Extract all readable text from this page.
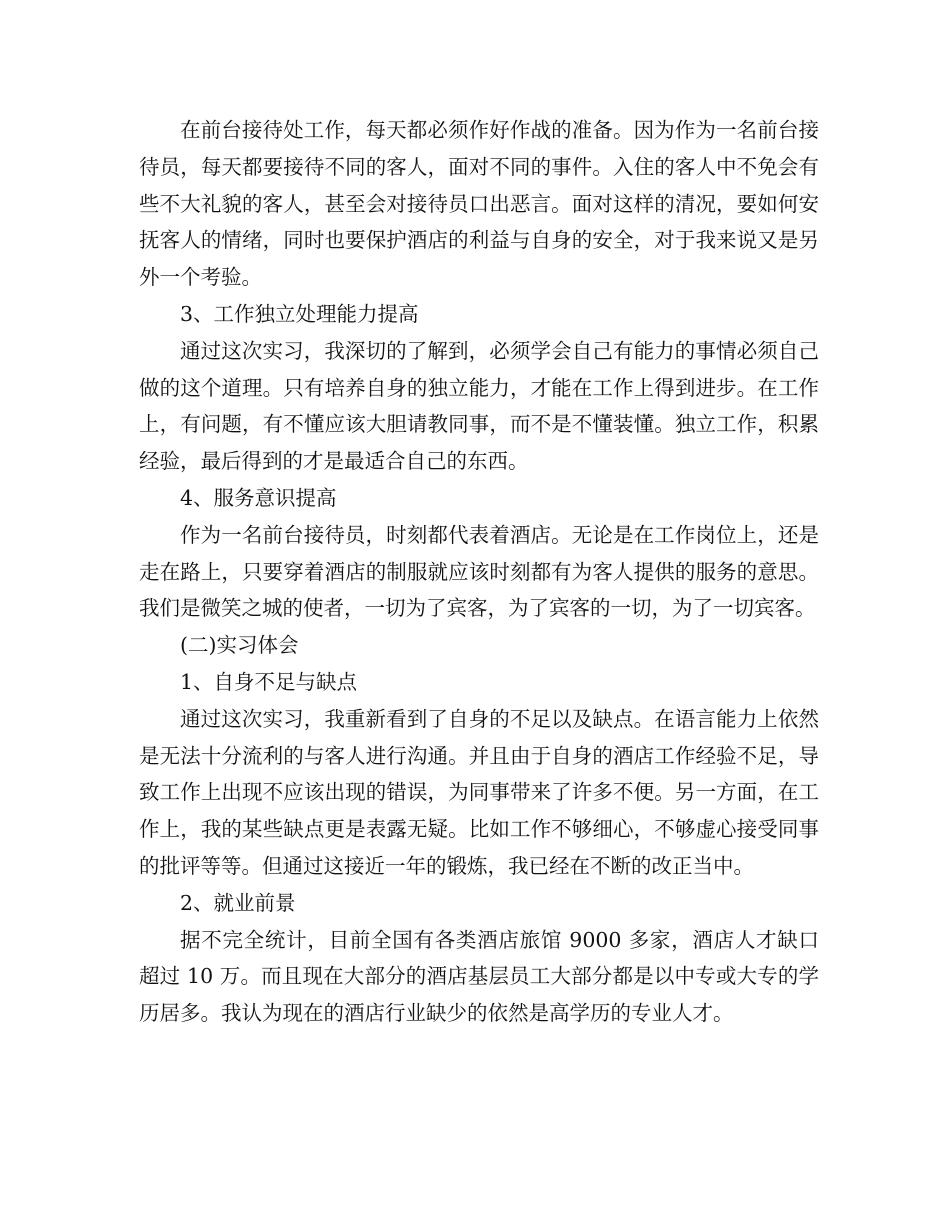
在前台接待处工作，每天都必须作好作战的准备。因为作为一名前台接待员，每天都要接待不同的客人，面对不同的事件。入住的客人中不免会有些不大礼貌的客人，甚至会对接待员口出恶言。面对这样的清况，要如何安抚客人的情绪，同时也要保护酒店的利益与自身的安全，对于我来说又是另外一个考验。

3、工作独立处理能力提高

通过这次实习，我深切的了解到，必须学会自己有能力的事情必须自己做的这个道理。只有培养自身的独立能力，才能在工作上得到进步。在工作上，有问题，有不懂应该大胆请教同事，而不是不懂装懂。独立工作，积累经验，最后得到的才是最适合自己的东西。

4、服务意识提高

作为一名前台接待员，时刻都代表着酒店。无论是在工作岗位上，还是走在路上，只要穿着酒店的制服就应该时刻都有为客人提供的服务的意思。我们是微笑之城的使者，一切为了宾客，为了宾客的一切，为了一切宾客。

(二)实习体会

1、自身不足与缺点

通过这次实习，我重新看到了自身的不足以及缺点。在语言能力上依然是无法十分流利的与客人进行沟通。并且由于自身的酒店工作经验不足，导致工作上出现不应该出现的错误，为同事带来了许多不便。另一方面，在工作上，我的某些缺点更是表露无疑。比如工作不够细心，不够虚心接受同事的批评等等。但通过这接近一年的锻炼，我已经在不断的改正当中。

2、就业前景

据不完全统计，目前全国有各类酒店旅馆 9000 多家，酒店人才缺口超过 10 万。而且现在大部分的酒店基层员工大部分都是以中专或大专的学历居多。我认为现在的酒店行业缺少的依然是高学历的专业人才。
